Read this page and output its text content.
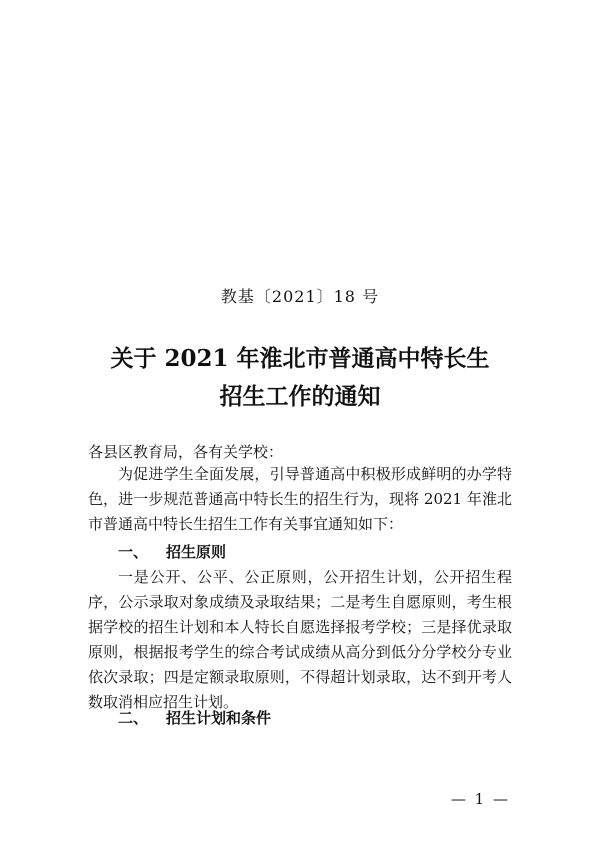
教基〔2021〕18 号
关于 2021 年淮北市普通高中特长生
招生工作的通知
各县区教育局，各有关学校：

为促进学生全面发展，引导普通高中积极形成鲜明的办学特色，进一步规范普通高中特长生的招生行为，现将 2021 年淮北市普通高中特长生招生工作有关事宜通知如下：

一、 招生原则

一是公开、公平、公正原则，公开招生计划，公开招生程序，公示录取对象成绩及录取结果；二是考生自愿原则，考生根据学校的招生计划和本人特长自愿选择报考学校；三是择优录取原则，根据报考学生的综合考试成绩从高分到低分分学校分专业依次录取；四是定额录取原则，不得超计划录取，达不到开考人数取消相应招生计划。

二、 招生计划和条件
— 1 —
